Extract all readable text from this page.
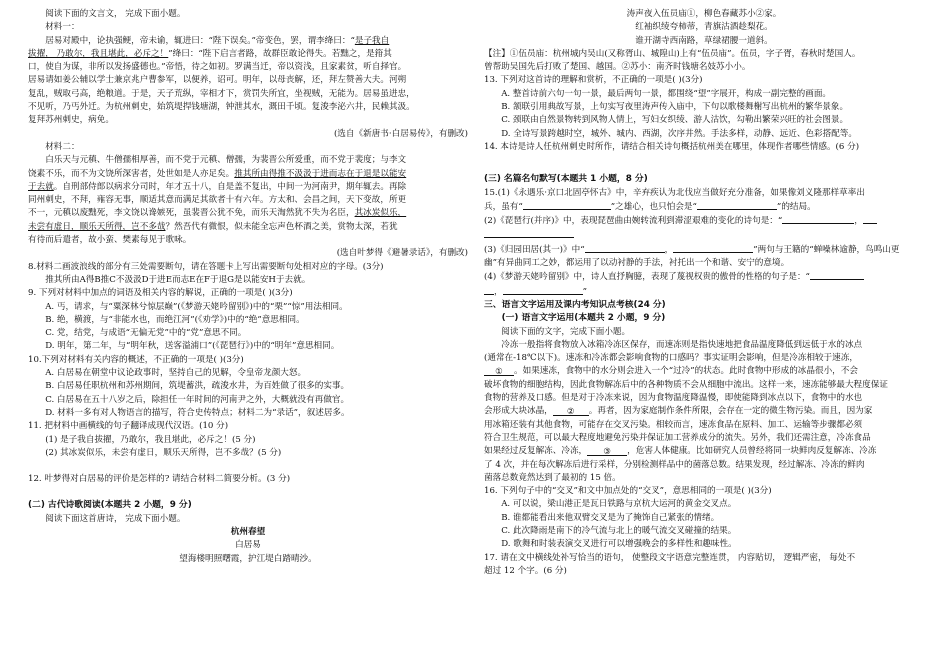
阅读下面的文言文， 完成下面小题。

材料一：

居易对殿中，论执强鲠，帝未谕，辄进曰：“陛下误矣。”帝变色，罢，谓李绛曰：“是子我自

拔擢， 乃敢尔，我且堪此，必斥之！”绛曰：“陛下启言者路，故群臣敢论得失。若黜之，是箝其

口，使自为谋，非所以发扬盛德也。”帝悟，待之如初。罗满当迁，帝以资浅，且家素贫，听自择官。

居易请如姜公辅以学士兼京兆户曹参军，以便养，诏可。明年，以母丧解，还，拜左赞善大夫。河朔

复乱，贼取弓高，绝粮道。于是，天子荒纵，宰相才下，赏罚失所宜，坐视贼，无能为。居易虽进忠，

不见听，乃丐外迁。为杭州刺史，始筑堤捍钱塘湖，钟泄其水，溉田千顷。复浚李泌六井，民赖其汲。

复拜苏州刺史，病免。

(选自《新唐书·白居易传》，有删改)

材料二：

白乐天与元稹、牛僧孺相厚善，而不党于元稹、僧孺，为裴晋公所爱重，而不党于裴度；与李文

饶素不乐，而不为文饶所深害者，处世如是人亦足矣。推其所由得推不汲汲于进而志在于退是以能安

于去就。自刑部侍郎以病求分司时，年才五十八，自是盖不复出，中间一为河南尹，期年辄去。再除

同州刺史，不拜，雍容无事，顺适其意而满足其欲者十有六年。方太和、会昌之间，天下变故，所更

不一，元稹以废黜死，李文饶以谗嫉死，虽裴晋公犹不免，而乐天淘然犹不失为名臣，其冰炭似乐，

未尝有虚日，顺乐天所得，岂不多哉？然吾代有微恨，似未能全忘声色杯酒之美，赏物太深，若犹

有待而后遣者，故小蛮、樊素每见于歌咏。

(选自叶梦得《避暑录话》，有删改)

8.材料二画波浪线的部分有三处需要断句，请在答题卡上写出需要断句处相对应的字母。(3分)

推其所由A得B推C不汲汲D于进E而志E在F于退G是以能安H于去就。

9. 下列对材料中加点的词语及相关内容的解说，正确的一项是( )(3分)

A. 丐，请求，与“粟深林兮惊层巅”(《梦游天姥吟留别》)中的“栗”“惊”用法相同。

B. 绝，横渡，与“非能水也，而绝江河”(《劝学》)中的“绝”意思相同。

C. 党，结党，与成语“无偏无党”中的“党”意思不同。

D. 明年，第二年，与“明年秋，送客溢浦口”(《琵琶行》)中的“明年”意思相同。

10.下列对材料有关内容的概述，不正确的一项是( )(3分)

A. 白居易在朝堂中议论政事时，坚持自己的见解，令皇帝龙颜大怒。

B. 白居易任职杭州和苏州期间，筑堤蓄洪，疏浚水井，为百姓做了很多的实事。

C. 白居易在五十八岁之后，除担任一年时间的河南尹之外，大概就没有再做官。

D. 材料一多有对人物语言的描写，符合史传特点；材料二为“录话”，叙述居多。

11. 把材料中画横线的句子翻译成现代汉语。(10 分)

(1) 是子我自拔擢，乃敢尔，我且堪此，必斥之！(5 分)

(2) 其冰炭似乐，未尝有虚日，顺乐天所得，岂不多哉？(5 分)

12. 叶梦得对白居易的评价是怎样的? 请结合材料二简要分析。(3 分)

(二) 古代诗歌阅读(本题共 2 小题，9 分)

阅读下面这首唐诗， 完成下面小题。

杭州春望

白居易

望海楼明照曙霞，护江堤白踏晴沙。

涛声夜入伍员庙①，柳色春藏苏小②家。

红袖织绫夸柿蒂，青旗沽酒趁梨花。

谁开湖寺西南路，草绿裙腰一道斜。

【注】①伍员庙：杭州城内吴山(又称胥山、城隍山)上有“伍员庙”。伍员，字子胥，春秋时楚国人。

曾帮助吴国先后打败了楚国、越国。②苏小：南齐时钱塘名妓苏小小。

13. 下列对这首诗的理解和赏析，不正确的一项是( )(3分)

A. 整首诗前六句一句一景，最后两句一景，都围绕“望”字展开，构成一副完整的画面。

B. 颔联引用典故写景，上句实写夜里涛声传入庙中，下句以歌楼舞榭写出杭州的繁华景象。

C. 颈联由自然景物转到风物人情上，写妇女织绫、游人沽饮，勾勒出繁荣兴旺的社会图景。

D. 全诗写景跨越时空，城外、城内、西湖，次序井然。手法多样，动静、远近、色彩搭配等。

14. 本诗是诗人任杭州刺史时所作，请结合相关诗句概括杭州美在哪里，体现作者哪些情感。(6 分)

(三) 名篇名句默写(本题共 1 小题，8 分)

15.(1)《永遇乐·京口北固亭怀古》中，辛弃疾认为北伐应当做好充分准备，如果像刘义隆那样草率出

兵，虽有“	”之雄心，也只怕会是“	”的结局。

(2)《琵琶行(并序)》中，表现琵琶曲由婉转流利到滞涩艰难的变化的诗句是：“	，

(3)《归园田居(其一)》中“	，	”两句与王籍的“蝉噪林逾静，鸟鸣山更

幽”有异曲同工之妙，都运用了以动衬静的手法，衬托出一个和谐、安宁的意境。

(4)《梦游天姥吟留别》中，诗人直抒胸臆，表现了蔑视权贵的傲骨的性格的句子是：“

，	”

三、语言文字运用及课内考知识点考核(24 分)

(一) 语言文字运用(本题共 2 小题，9 分)

阅读下面的文字，完成下面小题。

冷冻一般指将食物放入冰箱冷冻区保存，而速冻则是指快速地把食品温度降低到远低于水的冰点

(通常在-18℃以下)。速冻和冷冻都会影响食物的口感吗？事实证明会影响，但是冷冻相较于速冻，

① 。如果速冻，食物中的水分则会进入一个“过冷”的状态。此时食物中形成的冰晶很小，不会

破坏食物的细胞结构，因此食物解冻后中的各种物质不会从细胞中流出。这样一来，速冻能够最大程度保证

食物的营养及口感。但是对于冷冻来说，因为食物温度降温慢，即使能降到冰点以下，食物中的水也

会形成大块冰晶， ② 。再者，因为家庭制作条件所限，会存在一定的微生物污染。而且，因为家

用冰箱还装有其他食物，可能存在交叉污染。相较而言，速冻食品在原料、加工、运输等步骤都必须

符合卫生规范，可以最大程度地避免污染并保证加工营养成分的流失。另外，我们还需注意，冷冻食品

如果经过反复解冻、冷冻， ③ ，危害人体健康。比如研究人员曾经将同一块鲜肉反复解冻、冷冻

了 4 次，并在每次解冻后进行采样，分别检测样品中的菌落总数。结果发现，经过解冻、冷冻的鲜肉

菌落总数竟然达到了最初的 15 倍。

16. 下列句子中的“交叉”和文中加点处的“交叉”，意思相同的一项是( )(3分)

A. 可以说，梁山港正是瓦日铁路与京杭大运河的黄金交叉点。

B. 谁都能看出来他双臂交叉是为了掩饰自己紧张的情绪。

C. 此次降雨是南下的冷气流与北上的暖气流交叉碰撞的结果。

D. 歌舞和时装表演交叉进行可以增强晚会的多样性和趣味性。

17. 请在文中横线处补写恰当的语句， 使整段文字语意完整连贯， 内容贴切， 逻辑严密， 每处不

超过 12 个字。(6 分)
